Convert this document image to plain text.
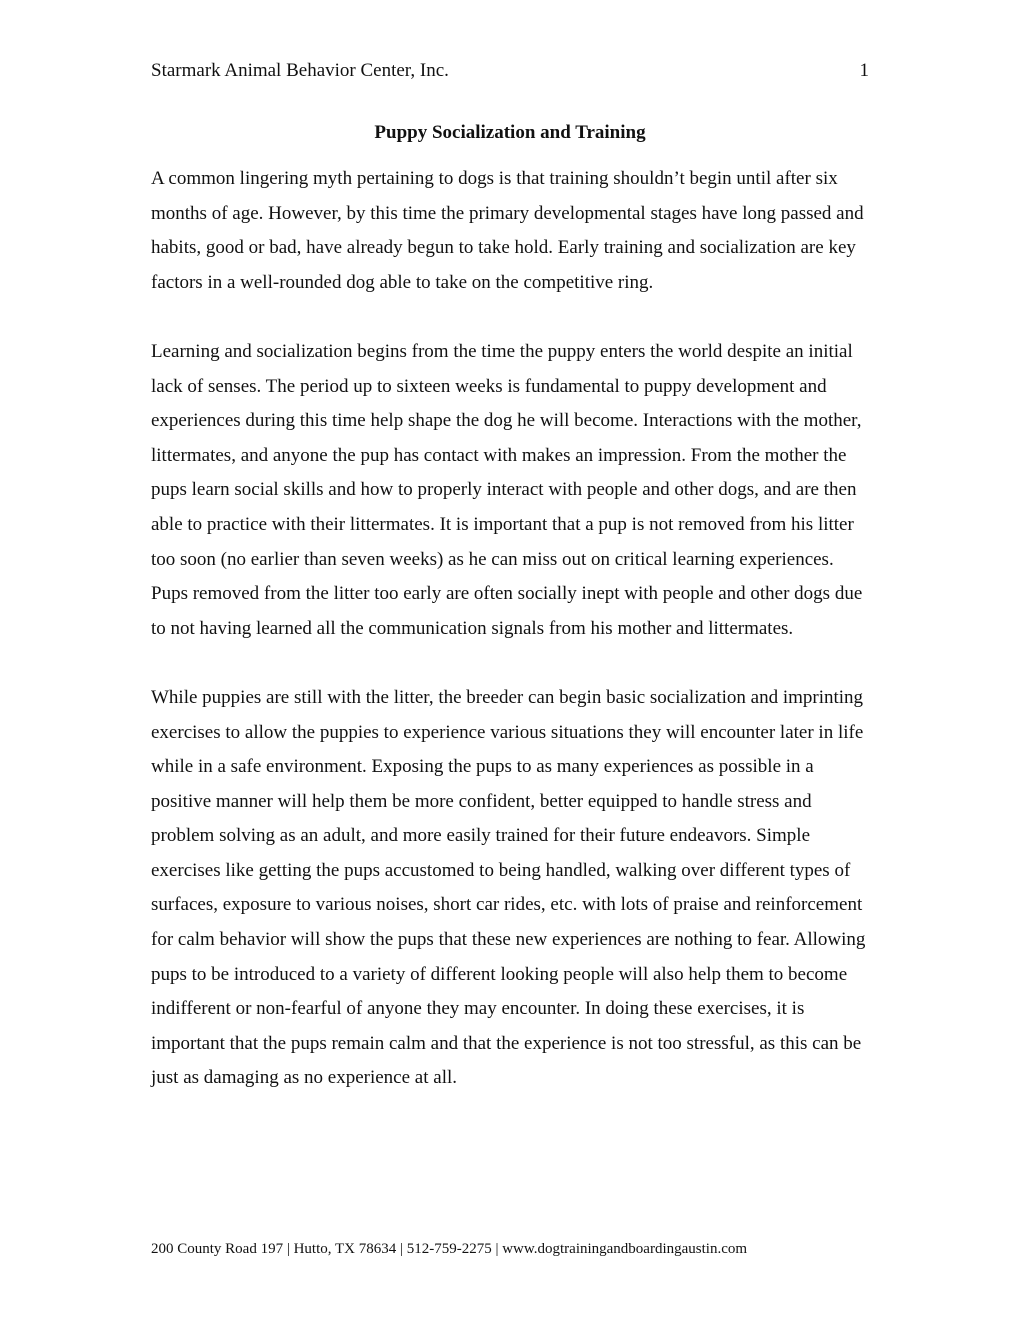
Starmark Animal Behavior Center, Inc.	1
Puppy Socialization and Training

A common lingering myth pertaining to dogs is that training shouldn’t begin until after six months of age. However, by this time the primary developmental stages have long passed and habits, good or bad, have already begun to take hold. Early training and socialization are key factors in a well-rounded dog able to take on the competitive ring.

Learning and socialization begins from the time the puppy enters the world despite an initial lack of senses. The period up to sixteen weeks is fundamental to puppy development and experiences during this time help shape the dog he will become. Interactions with the mother, littermates, and anyone the pup has contact with makes an impression. From the mother the pups learn social skills and how to properly interact with people and other dogs, and are then able to practice with their littermates. It is important that a pup is not removed from his litter too soon (no earlier than seven weeks) as he can miss out on critical learning experiences. Pups removed from the litter too early are often socially inept with people and other dogs due to not having learned all the communication signals from his mother and littermates.

While puppies are still with the litter, the breeder can begin basic socialization and imprinting exercises to allow the puppies to experience various situations they will encounter later in life while in a safe environment. Exposing the pups to as many experiences as possible in a positive manner will help them be more confident, better equipped to handle stress and problem solving as an adult, and more easily trained for their future endeavors. Simple exercises like getting the pups accustomed to being handled, walking over different types of surfaces, exposure to various noises, short car rides, etc. with lots of praise and reinforcement for calm behavior will show the pups that these new experiences are nothing to fear. Allowing pups to be introduced to a variety of different looking people will also help them to become indifferent or non-fearful of anyone they may encounter. In doing these exercises, it is important that the pups remain calm and that the experience is not too stressful, as this can be just as damaging as no experience at all.

200 County Road 197 | Hutto, TX 78634 | 512-759-2275 | www.dogtrainingandboardingaustin.com
